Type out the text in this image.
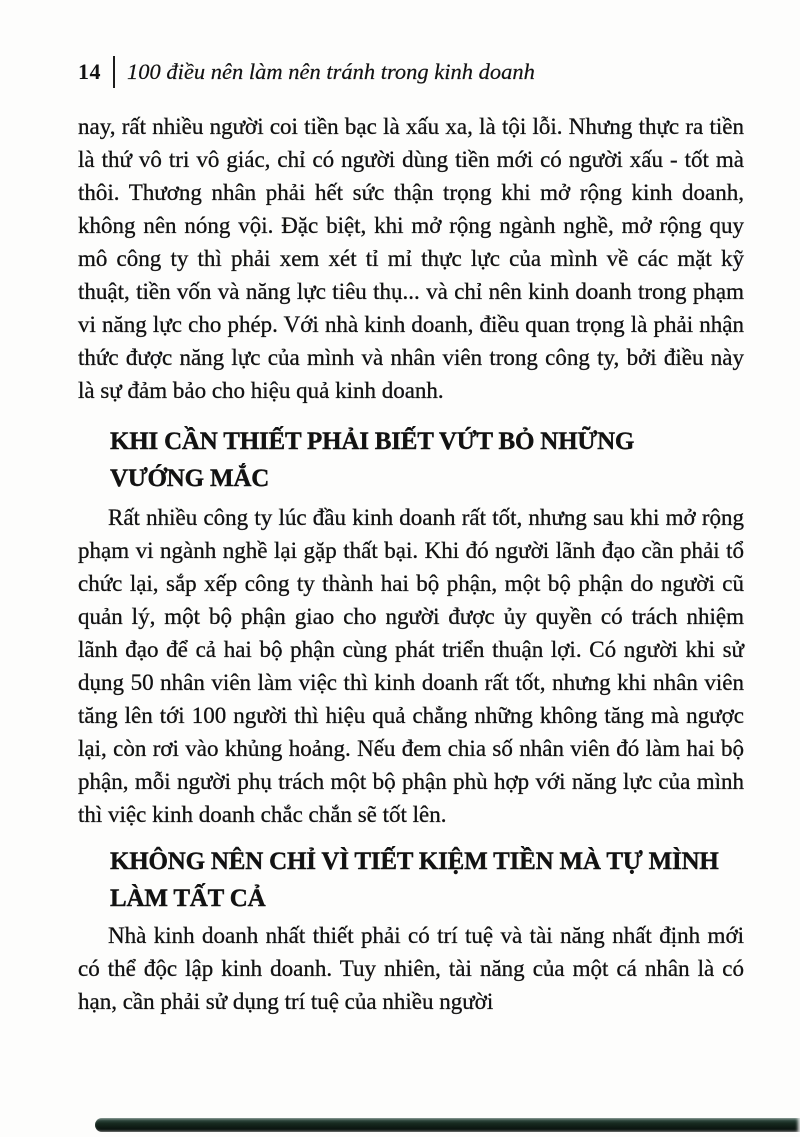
14	100 điều nên làm nên tránh trong kinh doanh

nay, rất nhiều người coi tiền bạc là xấu xa, là tội lỗi. Nhưng thực ra tiền là thứ vô tri vô giác, chỉ có người dùng tiền mới có người xấu - tốt mà thôi. Thương nhân phải hết sức thận trọng khi mở rộng kinh doanh, không nên nóng vội. Đặc biệt, khi mở rộng ngành nghề, mở rộng quy mô công ty thì phải xem xét tỉ mỉ thực lực của mình về các mặt kỹ thuật, tiền vốn và năng lực tiêu thụ... và chỉ nên kinh doanh trong phạm vi năng lực cho phép. Với nhà kinh doanh, điều quan trọng là phải nhận thức được năng lực của mình và nhân viên trong công ty, bởi điều này là sự đảm bảo cho hiệu quả kinh doanh.

KHI CẦN THIẾT PHẢI BIẾT VỨT BỎ NHỮNG
VƯỚNG MẮC

Rất nhiều công ty lúc đầu kinh doanh rất tốt, nhưng sau khi mở rộng phạm vi ngành nghề lại gặp thất bại. Khi đó người lãnh đạo cần phải tổ chức lại, sắp xếp công ty thành hai bộ phận, một bộ phận do người cũ quản lý, một bộ phận giao cho người được ủy quyền có trách nhiệm lãnh đạo để cả hai bộ phận cùng phát triển thuận lợi. Có người khi sử dụng 50 nhân viên làm việc thì kinh doanh rất tốt, nhưng khi nhân viên tăng lên tới 100 người thì hiệu quả chẳng những không tăng mà ngược lại, còn rơi vào khủng hoảng. Nếu đem chia số nhân viên đó làm hai bộ phận, mỗi người phụ trách một bộ phận phù hợp với năng lực của mình thì việc kinh doanh chắc chắn sẽ tốt lên.

KHÔNG NÊN CHỈ VÌ TIẾT KIỆM TIỀN MÀ TỰ MÌNH
LÀM TẤT CẢ

Nhà kinh doanh nhất thiết phải có trí tuệ và tài năng nhất định mới có thể độc lập kinh doanh. Tuy nhiên, tài năng của một cá nhân là có hạn, cần phải sử dụng trí tuệ của nhiều người
